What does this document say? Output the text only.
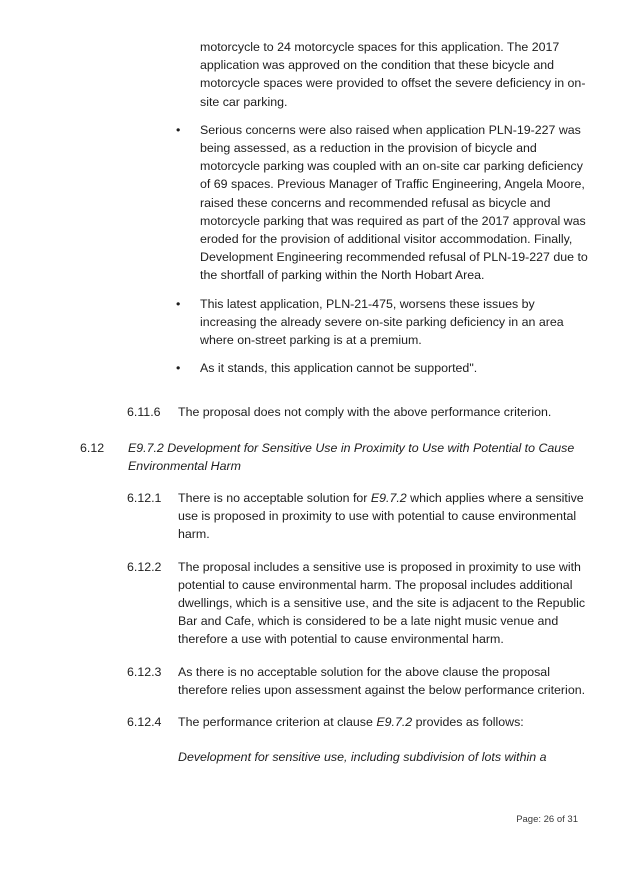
motorcycle to 24 motorcycle spaces for this application. The 2017 application was approved on the condition that these bicycle and motorcycle spaces were provided to offset the severe deficiency in on-site car parking.

•	Serious concerns were also raised when application PLN-19-227 was being assessed, as a reduction in the provision of bicycle and motorcycle parking was coupled with an on-site car parking deficiency of 69 spaces. Previous Manager of Traffic Engineering, Angela Moore, raised these concerns and recommended refusal as bicycle and motorcycle parking that was required as part of the 2017 approval was eroded for the provision of additional visitor accommodation. Finally, Development Engineering recommended refusal of PLN-19-227 due to the shortfall of parking within the North Hobart Area.

•	This latest application, PLN-21-475, worsens these issues by increasing the already severe on-site parking deficiency in an area where on-street parking is at a premium.

•	As it stands, this application cannot be supported".

6.11.6	The proposal does not comply with the above performance criterion.

6.12	E9.7.2 Development for Sensitive Use in Proximity to Use with Potential to Cause Environmental Harm

6.12.1	There is no acceptable solution for E9.7.2 which applies where a sensitive use is proposed in proximity to use with potential to cause environmental harm.

6.12.2	The proposal includes a sensitive use is proposed in proximity to use with potential to cause environmental harm. The proposal includes additional dwellings, which is a sensitive use, and the site is adjacent to the Republic Bar and Cafe, which is considered to be a late night music venue and therefore a use with potential to cause environmental harm.

6.12.3	As there is no acceptable solution for the above clause the proposal therefore relies upon assessment against the below performance criterion.

6.12.4	The performance criterion at clause E9.7.2 provides as follows:

Development for sensitive use, including subdivision of lots within a

Page: 26 of 31
